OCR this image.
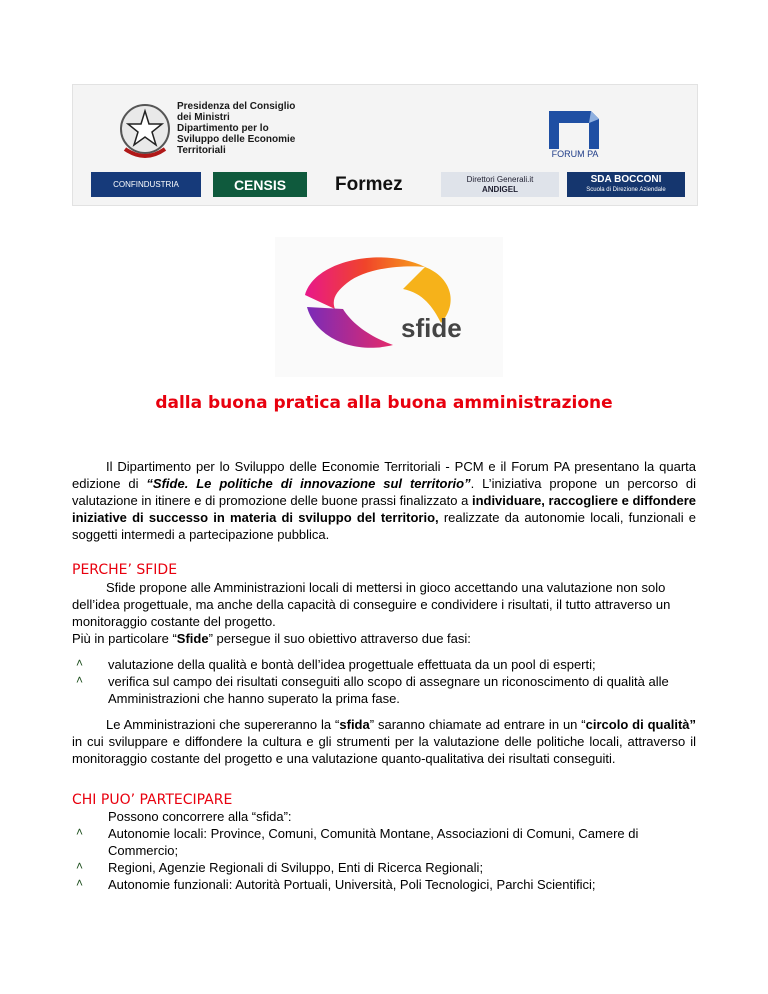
Presidenza del Consiglio
dei Ministri
Dipartimento per lo
Sviluppo delle Economie
Territoriali	FORUM PA
CONFINDUSTRIA	CENSIS	Formez	Direttori Generali.it
ANDIGEL
SDA BOCCONI
Scuola di Direzione Aziendale
sfide
dalla buona pratica alla buona amministrazione

Il Dipartimento per lo Sviluppo delle Economie Territoriali - PCM e il Forum PA presentano la quarta edizione di “Sfide. Le politiche di innovazione sul territorio”. L’iniziativa propone un percorso di valutazione in itinere e di promozione delle buone prassi finalizzato a individuare, raccogliere e diffondere iniziative di successo in materia di sviluppo del territorio, realizzate da autonomie locali, funzionali e soggetti intermedi a partecipazione pubblica.

PERCHE’ SFIDE

Sfide propone alle Amministrazioni locali di mettersi in gioco accettando una valutazione non solo dell’idea progettuale, ma anche della capacità di conseguire e condividere i risultati, il tutto attraverso un monitoraggio costante del progetto.

Più in particolare “Sfide” persegue il suo obiettivo attraverso due fasi:

˄ valutazione della qualità e bontà dell’idea progettuale effettuata da un pool di esperti;

˄ verifica sul campo dei risultati conseguiti allo scopo di assegnare un riconoscimento di qualità alle Amministrazioni che hanno superato la prima fase.

Le Amministrazioni che supereranno la “sfida” saranno chiamate ad entrare in un “circolo di qualità” in cui sviluppare e diffondere la cultura e gli strumenti per la valutazione delle politiche locali, attraverso il monitoraggio costante del progetto e una valutazione quanto-qualitativa dei risultati conseguiti.

CHI PUO’ PARTECIPARE

Possono concorrere alla “sfida”:

˄ Autonomie locali: Province, Comuni, Comunità Montane, Associazioni di Comuni, Camere di Commercio;

˄ Regioni, Agenzie Regionali di Sviluppo, Enti di Ricerca Regionali;

˄ Autonomie funzionali: Autorità Portuali, Università, Poli Tecnologici, Parchi Scientifici;
